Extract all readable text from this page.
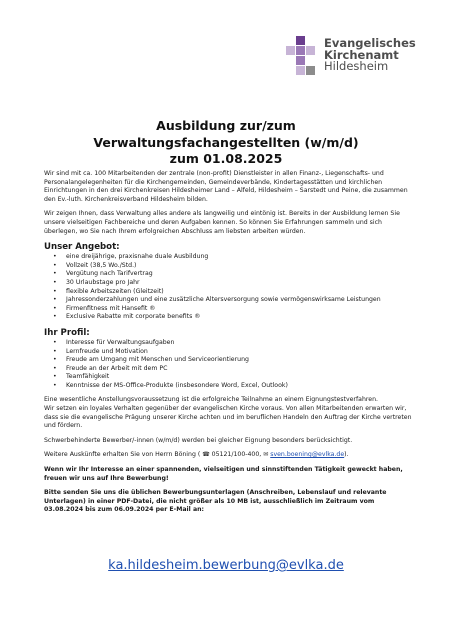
Evangelisches
Kirchenamt
Hildesheim
Ausbildung zur/zum
Verwaltungsfachangestellten (w/m/d)
zum 01.08.2025

Wir sind mit ca. 100 Mitarbeitenden der zentrale (non-profit) Dienstleister in allen Finanz-, Liegenschafts- und Personalangelegenheiten für die Kirchengemeinden, Gemeindeverbände, Kindertagesstätten und kirchlichen Einrichtungen in den drei Kirchenkreisen Hildesheimer Land – Alfeld, Hildesheim – Sarstedt und Peine, die zusammen den Ev.-luth. Kirchenkreisverband Hildesheim bilden.

Wir zeigen Ihnen, dass Verwaltung alles andere als langweilig und eintönig ist. Bereits in der Ausbildung lernen Sie unsere vielseitigen Fachbereiche und deren Aufgaben kennen. So können Sie Erfahrungen sammeln und sich überlegen, wo Sie nach Ihrem erfolgreichen Abschluss am liebsten arbeiten würden.

Unser Angebot:
• eine dreijährige, praxisnahe duale Ausbildung
• Vollzeit (38,5 Wo./Std.)
• Vergütung nach Tarifvertrag
• 30 Urlaubstage pro Jahr
• flexible Arbeitszeiten (Gleitzeit)
• Jahressonderzahlungen und eine zusätzliche Altersversorgung sowie vermögenswirksame Leistungen
• Firmenfitness mit Hansefit ®
• Exclusive Rabatte mit corporate benefits ®
Ihr Profil:
• Interesse für Verwaltungsaufgaben
• Lernfreude und Motivation
• Freude am Umgang mit Menschen und Serviceorientierung
• Freude an der Arbeit mit dem PC
• Teamfähigkeit
• Kenntnisse der MS-Office-Produkte (insbesondere Word, Excel, Outlook)

Eine wesentliche Anstellungsvoraussetzung ist die erfolgreiche Teilnahme an einem Eignungstestverfahren.

Wir setzen ein loyales Verhalten gegenüber der evangelischen Kirche voraus. Von allen Mitarbeitenden erwarten wir, dass sie die evangelische Prägung unserer Kirche achten und im beruflichen Handeln den Auftrag der Kirche vertreten und fördern.

Schwerbehinderte Bewerber/-innen (w/m/d) werden bei gleicher Eignung besonders berücksichtigt.

Weitere Auskünfte erhalten Sie von Herrn Böning ( ☎ 05121/100-400, ✉ sven.boening@evlka.de).

Wenn wir Ihr Interesse an einer spannenden, vielseitigen und sinnstiftenden Tätigkeit geweckt haben, freuen wir uns auf Ihre Bewerbung!

Bitte senden Sie uns die üblichen Bewerbungsunterlagen (Anschreiben, Lebenslauf und relevante Unterlagen) in einer PDF-Datei, die nicht größer als 10 MB ist, ausschließlich im Zeitraum vom 03.08.2024 bis zum 06.09.2024 per E-Mail an:

ka.hildesheim.bewerbung@evlka.de
